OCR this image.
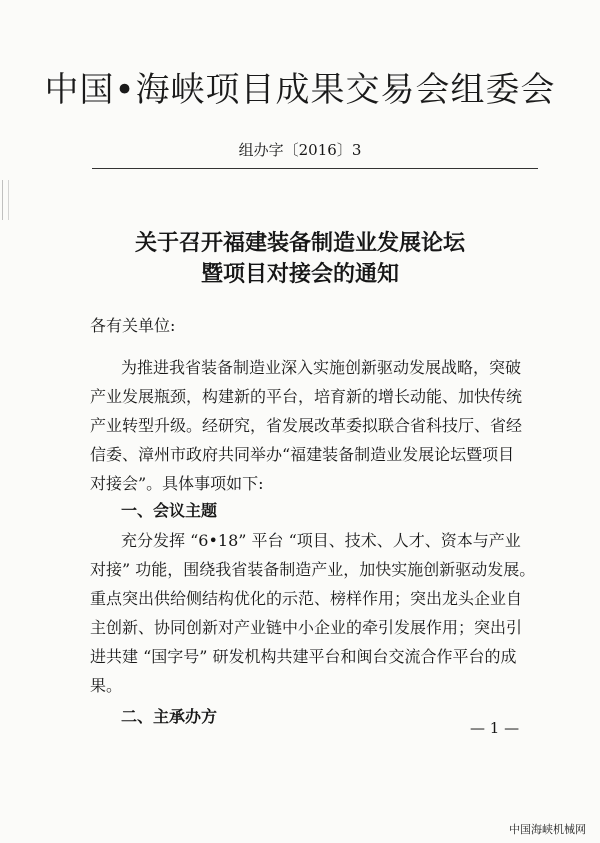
中国•海峡项目成果交易会组委会
组办字〔2016〕3
关于召开福建装备制造业发展论坛
暨项目对接会的通知
各有关单位:
为推进我省装备制造业深入实施创新驱动发展战略，突破
产业发展瓶颈，构建新的平台，培育新的增长动能、加快传统
产业转型升级。经研究，省发展改革委拟联合省科技厅、省经
信委、漳州市政府共同举办“福建装备制造业发展论坛暨项目
对接会”。具体事项如下:
一、会议主题
充分发挥 “6•18” 平台 “项目、技术、人才、资本与产业
对接” 功能，围绕我省装备制造产业，加快实施创新驱动发展。
重点突出供给侧结构优化的示范、榜样作用；突出龙头企业自
主创新、协同创新对产业链中小企业的牵引发展作用；突出引
进共建 “国字号” 研发机构共建平台和闽台交流合作平台的成
果。
二、主承办方
— 1 —
中国海峡机械网
